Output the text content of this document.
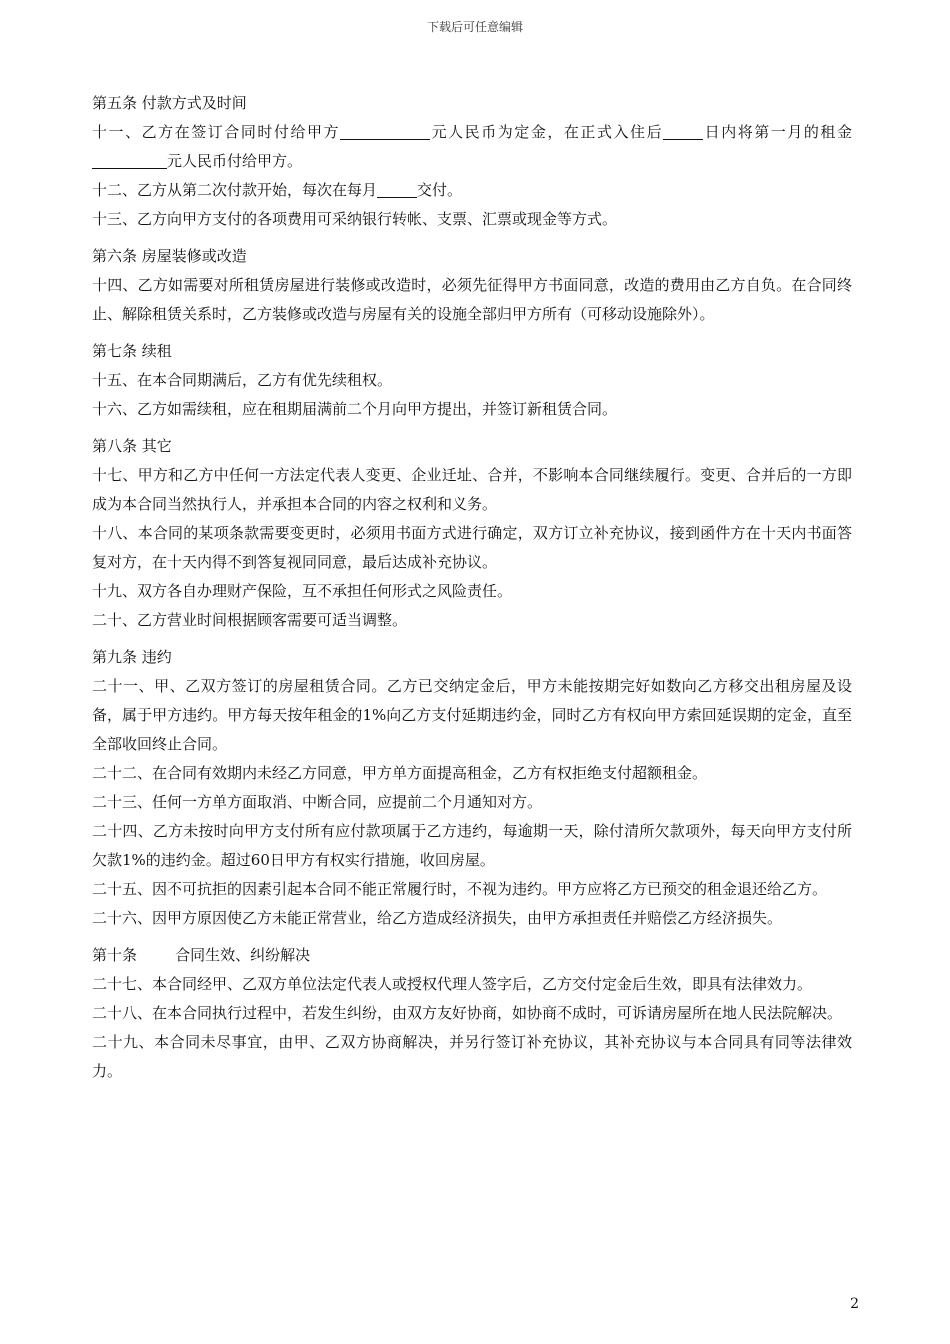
下载后可任意编辑
第五条 付款方式及时间
十一、乙方在签订合同时付给甲方	元人民币为定金，在正式入住后	日内将第一月的租金元人民币付给甲方。
十二、乙方从第二次付款开始，每次在每月	交付。
十三、乙方向甲方支付的各项费用可采纳银行转帐、支票、汇票或现金等方式。
第六条 房屋装修或改造
十四、乙方如需要对所租赁房屋进行装修或改造时，必须先征得甲方书面同意，改造的费用由乙方自负。在合同终止、解除租赁关系时，乙方装修或改造与房屋有关的设施全部归甲方所有（可移动设施除外）。
第七条 续租
十五、在本合同期满后，乙方有优先续租权。
十六、乙方如需续租，应在租期届满前二个月向甲方提出，并签订新租赁合同。
第八条 其它
十七、甲方和乙方中任何一方法定代表人变更、企业迁址、合并，不影响本合同继续履行。变更、合并后的一方即成为本合同当然执行人，并承担本合同的内容之权利和义务。
十八、本合同的某项条款需要变更时，必须用书面方式进行确定，双方订立补充协议，接到函件方在十天内书面答复对方，在十天内得不到答复视同同意，最后达成补充协议。
十九、双方各自办理财产保险，互不承担任何形式之风险责任。
二十、乙方营业时间根据顾客需要可适当调整。
第九条 违约
二十一、甲、乙双方签订的房屋租赁合同。乙方已交纳定金后，甲方未能按期完好如数向乙方移交出租房屋及设备，属于甲方违约。甲方每天按年租金的1%向乙方支付延期违约金，同时乙方有权向甲方索回延误期的定金，直至全部收回终止合同。
二十二、在合同有效期内未经乙方同意，甲方单方面提高租金，乙方有权拒绝支付超额租金。
二十三、任何一方单方面取消、中断合同，应提前二个月通知对方。
二十四、乙方未按时向甲方支付所有应付款项属于乙方违约，每逾期一天，除付清所欠款项外，每天向甲方支付所欠款1%的违约金。超过60日甲方有权实行措施，收回房屋。
二十五、因不可抗拒的因素引起本合同不能正常履行时，不视为违约。甲方应将乙方已预交的租金退还给乙方。
二十六、因甲方原因使乙方未能正常营业，给乙方造成经济损失，由甲方承担责任并赔偿乙方经济损失。
第十条        合同生效、纠纷解决
二十七、本合同经甲、乙双方单位法定代表人或授权代理人签字后，乙方交付定金后生效，即具有法律效力。
二十八、在本合同执行过程中，若发生纠纷，由双方友好协商，如协商不成时，可诉请房屋所在地人民法院解决。
二十九、本合同未尽事宜，由甲、乙双方协商解决，并另行签订补充协议，其补充协议与本合同具有同等法律效力。
2
